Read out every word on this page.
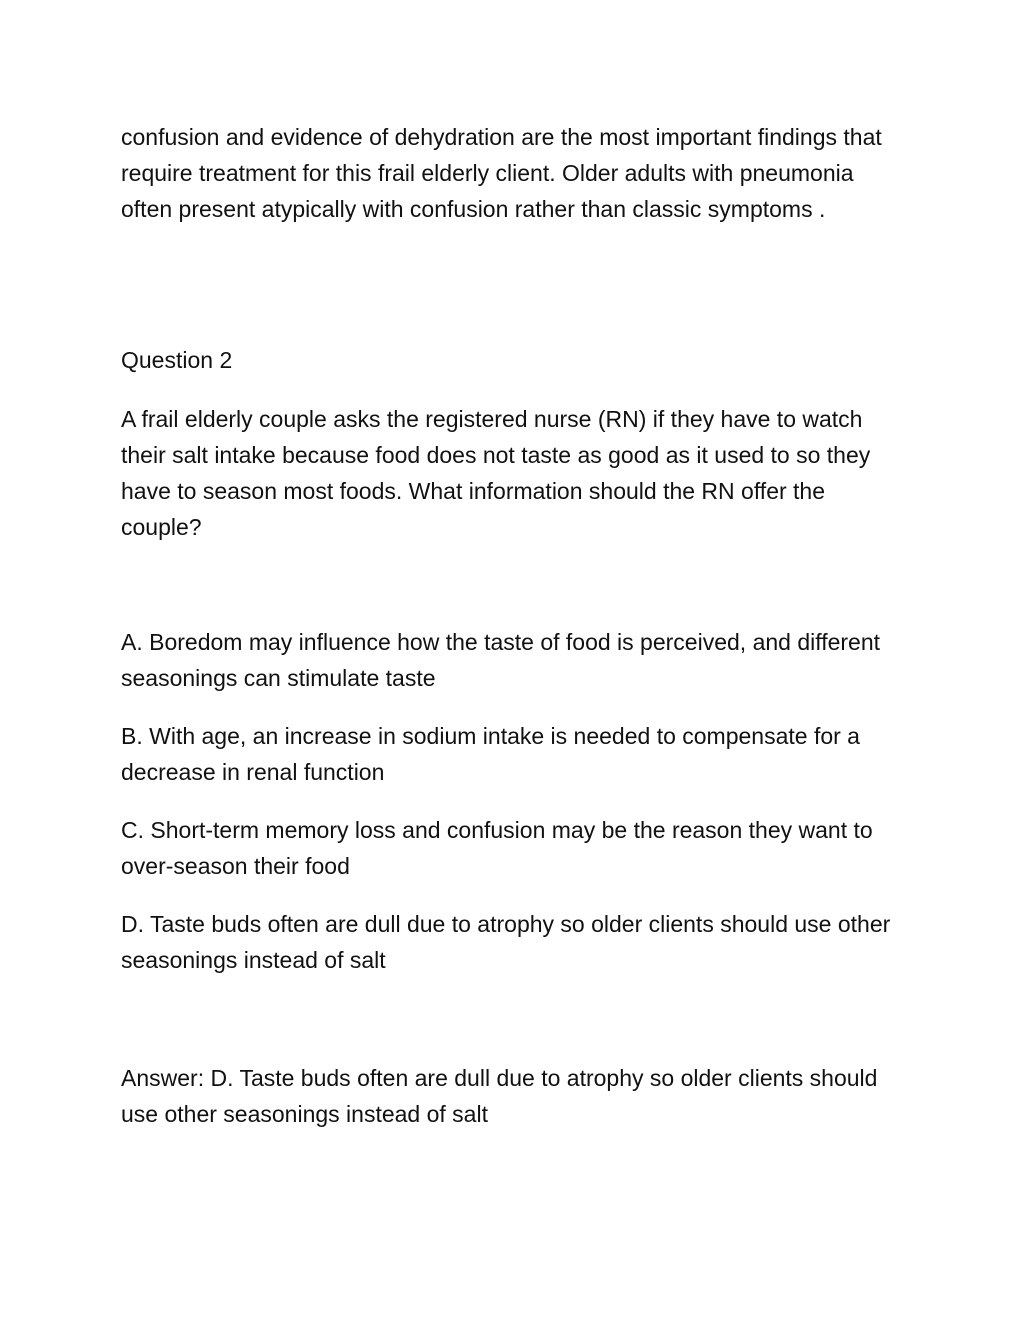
confusion and evidence of dehydration are the most important findings that require treatment for this frail elderly client. Older adults with pneumonia often present atypically with confusion rather than classic symptoms .

Question 2

A frail elderly couple asks the registered nurse (RN) if they have to watch their salt intake because food does not taste as good as it used to so they have to season most foods. What information should the RN offer the couple?

A. Boredom may influence how the taste of food is perceived, and different seasonings can stimulate taste

B. With age, an increase in sodium intake is needed to compensate for a decrease in renal function

C. Short-term memory loss and confusion may be the reason they want to over-season their food

D. Taste buds often are dull due to atrophy so older clients should use other seasonings instead of salt

Answer: D. Taste buds often are dull due to atrophy so older clients should use other seasonings instead of salt
